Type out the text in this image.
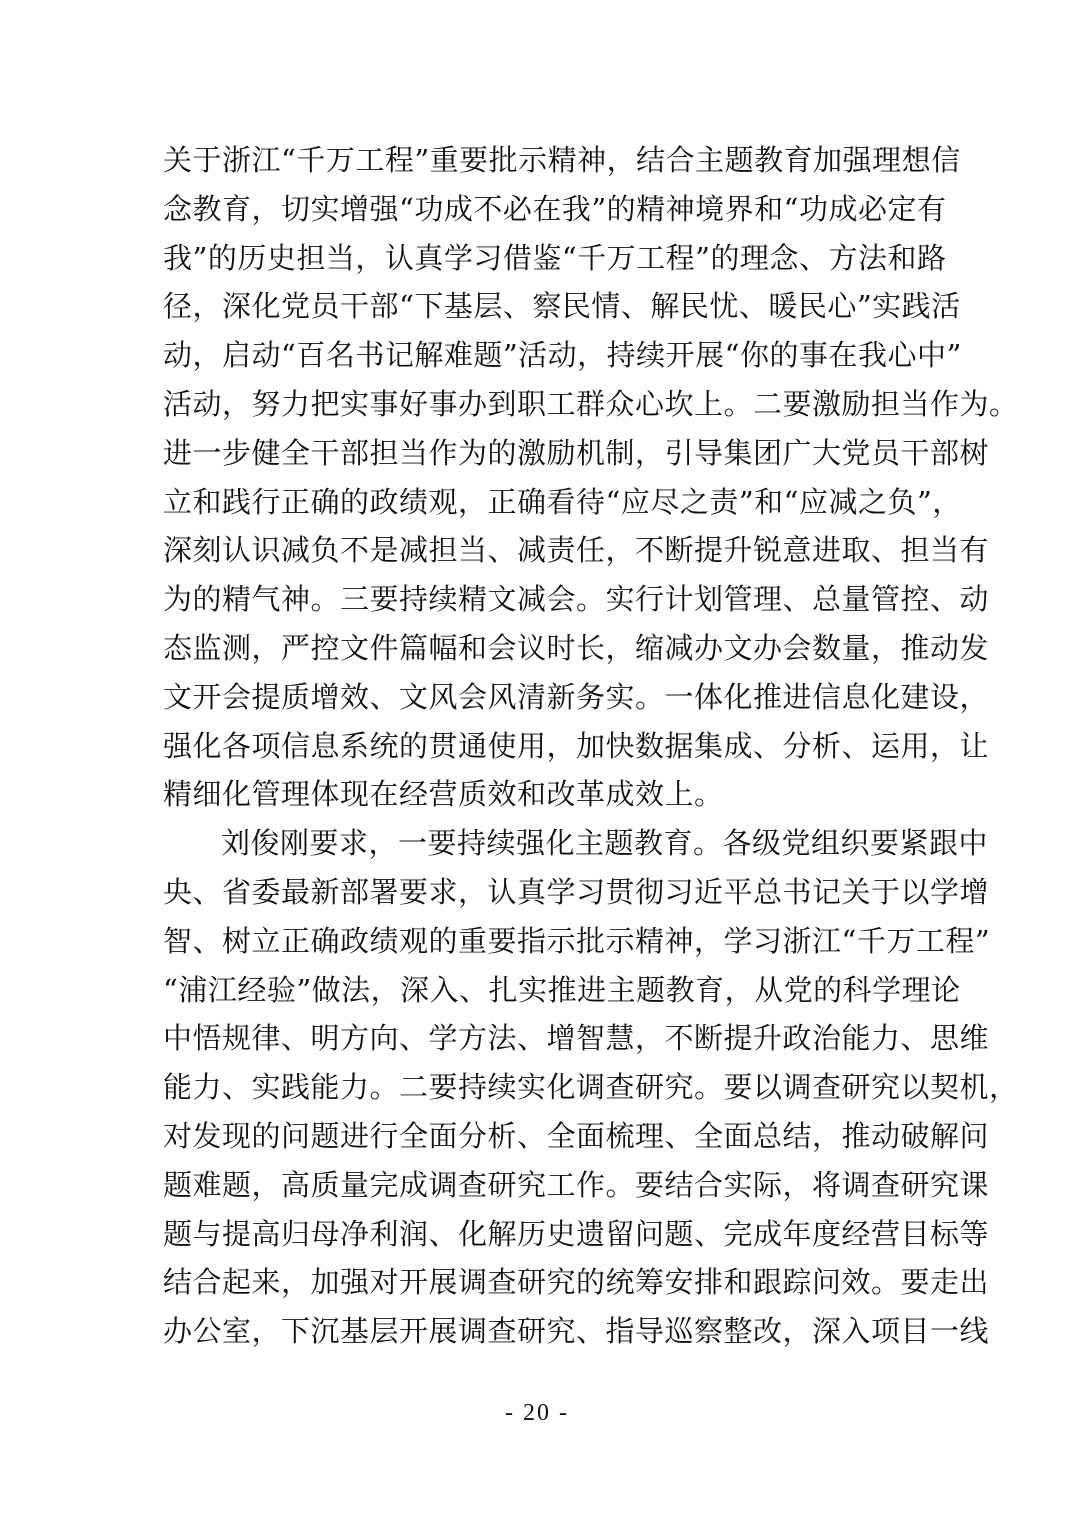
关于浙江“千万工程”重要批示精神，结合主题教育加强理想信
念教育，切实增强“功成不必在我”的精神境界和“功成必定有
我”的历史担当，认真学习借鉴“千万工程”的理念、方法和路
径，深化党员干部“下基层、察民情、解民忧、暖民心”实践活
动，启动“百名书记解难题”活动，持续开展“你的事在我心中”
活动，努力把实事好事办到职工群众心坎上。二要激励担当作为。
进一步健全干部担当作为的激励机制，引导集团广大党员干部树
立和践行正确的政绩观，正确看待“应尽之责”和“应减之负”，
深刻认识减负不是减担当、减责任，不断提升锐意进取、担当有
为的精气神。三要持续精文减会。实行计划管理、总量管控、动
态监测，严控文件篇幅和会议时长，缩减办文办会数量，推动发
文开会提质增效、文风会风清新务实。一体化推进信息化建设，
强化各项信息系统的贯通使用，加快数据集成、分析、运用，让
精细化管理体现在经营质效和改革成效上。
刘俊刚要求，一要持续强化主题教育。各级党组织要紧跟中
央、省委最新部署要求，认真学习贯彻习近平总书记关于以学增
智、树立正确政绩观的重要指示批示精神，学习浙江“千万工程”
“浦江经验”做法，深入、扎实推进主题教育，从党的科学理论
中悟规律、明方向、学方法、增智慧，不断提升政治能力、思维
能力、实践能力。二要持续实化调查研究。要以调查研究以契机，
对发现的问题进行全面分析、全面梳理、全面总结，推动破解问
题难题，高质量完成调查研究工作。要结合实际，将调查研究课
题与提高归母净利润、化解历史遗留问题、完成年度经营目标等
结合起来，加强对开展调查研究的统筹安排和跟踪问效。要走出
办公室，下沉基层开展调查研究、指导巡察整改，深入项目一线
- 20 -
